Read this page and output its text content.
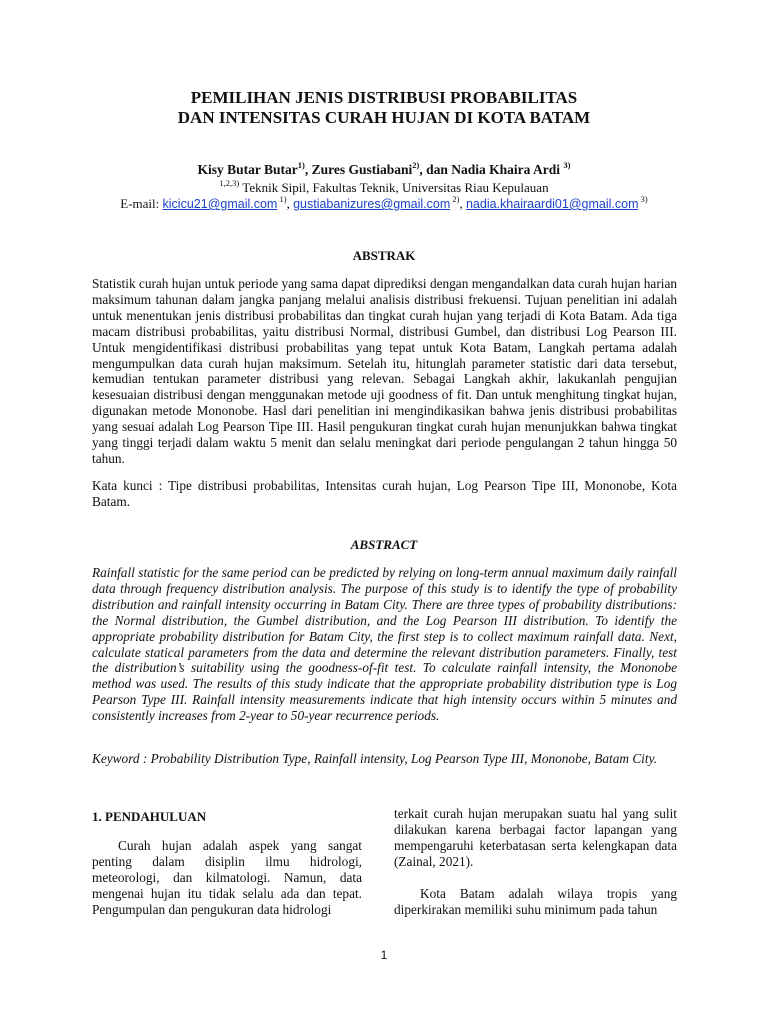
PEMILIHAN JENIS DISTRIBUSI PROBABILITAS
DAN INTENSITAS CURAH HUJAN DI KOTA BATAM
Kisy Butar Butar$^{1)}$, Zures Gustiabani$^{2)}$, dan Nadia Khaira Ardi $^{3)}$
$^{1,2,3)}$ Teknik Sipil, Fakultas Teknik, Universitas Riau Kepulauan
E-mail: kicicu21@gmail.com $^{1)}$, gustiabanizures@gmail.com $^{2)}$, nadia.khairaardi01@gmail.com $^{3)}$
ABSTRAK

Statistik curah hujan untuk periode yang sama dapat diprediksi dengan mengandalkan data curah hujan harian maksimum tahunan dalam jangka panjang melalui analisis distribusi frekuensi. Tujuan penelitian ini adalah untuk menentukan jenis distribusi probabilitas dan tingkat curah hujan yang terjadi di Kota Batam. Ada tiga macam distribusi probabilitas, yaitu distribusi Normal, distribusi Gumbel, dan distribusi Log Pearson III. Untuk mengidentifikasi distribusi probabilitas yang tepat untuk Kota Batam, Langkah pertama adalah mengumpulkan data curah hujan maksimum. Setelah itu, hitunglah parameter statistic dari data tersebut, kemudian tentukan parameter distribusi yang relevan. Sebagai Langkah akhir, lakukanlah pengujian kesesuaian distribusi dengan menggunakan metode uji goodness of fit. Dan untuk menghitung tingkat hujan, digunakan metode Mononobe. Hasl dari penelitian ini mengindikasikan bahwa jenis distribusi probabilitas yang sesuai adalah Log Pearson Tipe III. Hasil pengukuran tingkat curah hujan menunjukkan bahwa tingkat yang tinggi terjadi dalam waktu 5 menit dan selalu meningkat dari periode pengulangan 2 tahun hingga 50 tahun.

Kata kunci : Tipe distribusi probabilitas, Intensitas curah hujan, Log Pearson Tipe III, Mononobe, Kota Batam.

ABSTRACT

Rainfall statistic for the same period can be predicted by relying on long-term annual maximum daily rainfall data through frequency distribution analysis. The purpose of this study is to identify the type of probability distribution and rainfall intensity occurring in Batam City. There are three types of probability distributions: the Normal distribution, the Gumbel distribution, and the Log Pearson III distribution. To identify the appropriate probability distribution for Batam City, the first step is to collect maximum rainfall data. Next, calculate statical parameters from the data and determine the relevant distribution parameters. Finally, test the distribution’s suitability using the goodness-of-fit test. To calculate rainfall intensity, the Mononobe method was used. The results of this study indicate that the appropriate probability distribution type is Log Pearson Type III. Rainfall intensity measurements indicate that high intensity occurs within 5 minutes and consistently increases from 2-year to 50-year recurrence periods.

Keyword : Probability Distribution Type, Rainfall intensity, Log Pearson Type III, Mononobe, Batam City.

1. PENDAHULUAN

Curah hujan adalah aspek yang sangat penting dalam disiplin ilmu hidrologi, meteorologi, dan kilmatologi. Namun, data mengenai hujan itu tidak selalu ada dan tepat. Pengumpulan dan pengukuran data hidrologi

terkait curah hujan merupakan suatu hal yang sulit dilakukan karena berbagai factor lapangan yang mempengaruhi keterbatasan serta kelengkapan data (Zainal, 2021).

Kota Batam adalah wilaya tropis yang diperkirakan memiliki suhu minimum pada tahun

1
